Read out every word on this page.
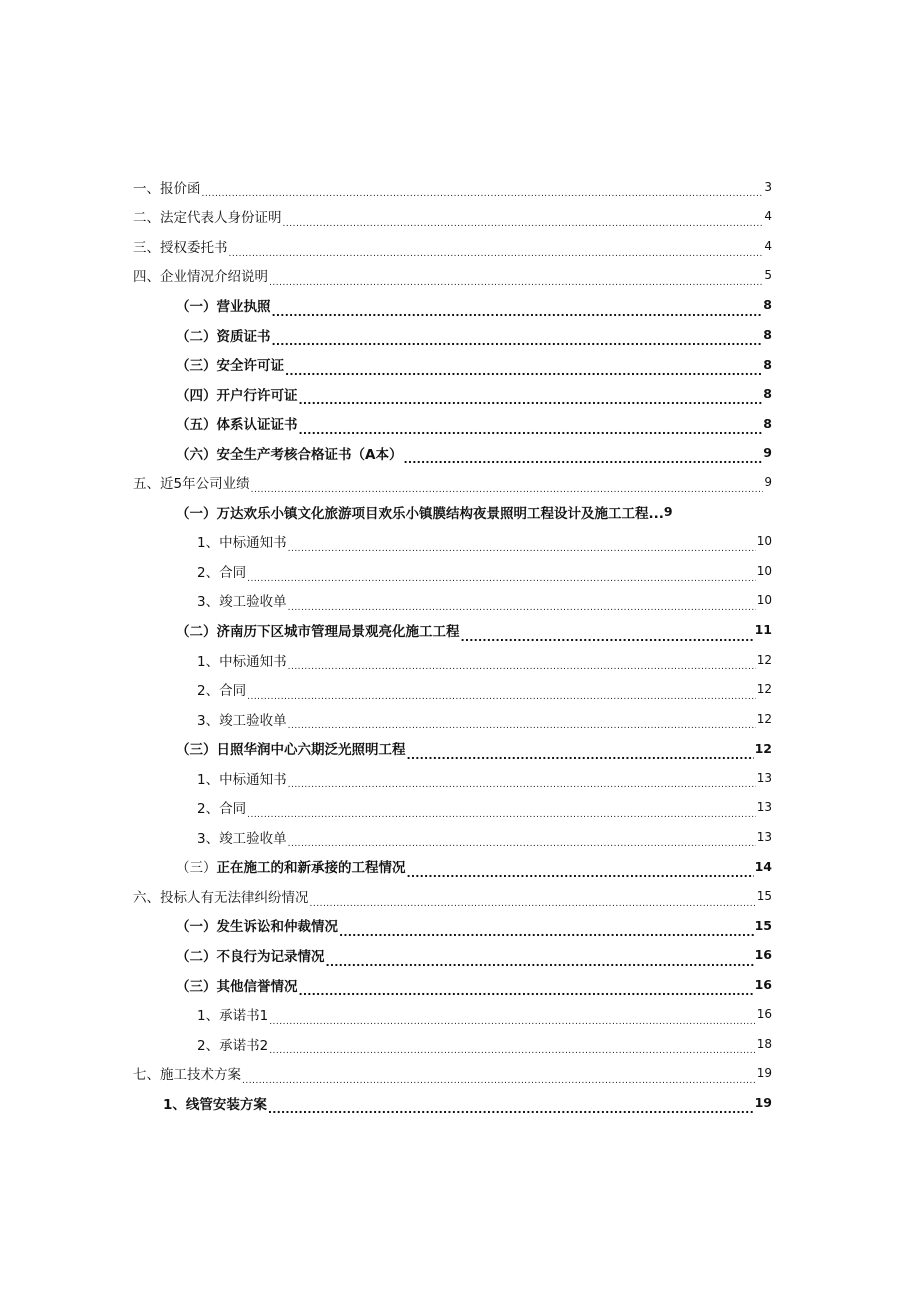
一、报价函 .....	3
二、法定代表人身份证明 .....	4
三、授权委托书 .....	4
四、企业情况介绍说明 .....	5
（一）营业执照 .....	8
（二）资质证书 .....	8
（三）安全许可证 .....	8
（四）开户行许可证 .....	8
（五）体系认证证书 .....	8
（六）安全生产考核合格证书（A本） .....	9
五、近5年公司业绩 .....	9
（一）万达欢乐小镇文化旅游项目欢乐小镇膜结构夜景照明工程设计及施工工程... 9
1、中标通知书 .....	10
2、合同 .....	10
3、竣工验收单 .....	10
（二）济南历下区城市管理局景观亮化施工工程 .....	11
1、中标通知书 .....	12
2、合同 .....	12
3、竣工验收单 .....	12
（三）日照华润中心六期泛光照明工程 .....	12
1、中标通知书 .....	13
2、合同 .....	13
3、竣工验收单 .....	13
（三）正在施工的和新承接的工程情况 .....	14
六、投标人有无法律纠纷情况 .....	15
（一）发生诉讼和仲裁情况 .....	15
（二）不良行为记录情况 .....	16
（三）其他信誉情况 .....	16
1、承诺书1 .....	16
2、承诺书2 .....	18
七、施工技术方案 .....	19
1、线管安装方案 .....	19
